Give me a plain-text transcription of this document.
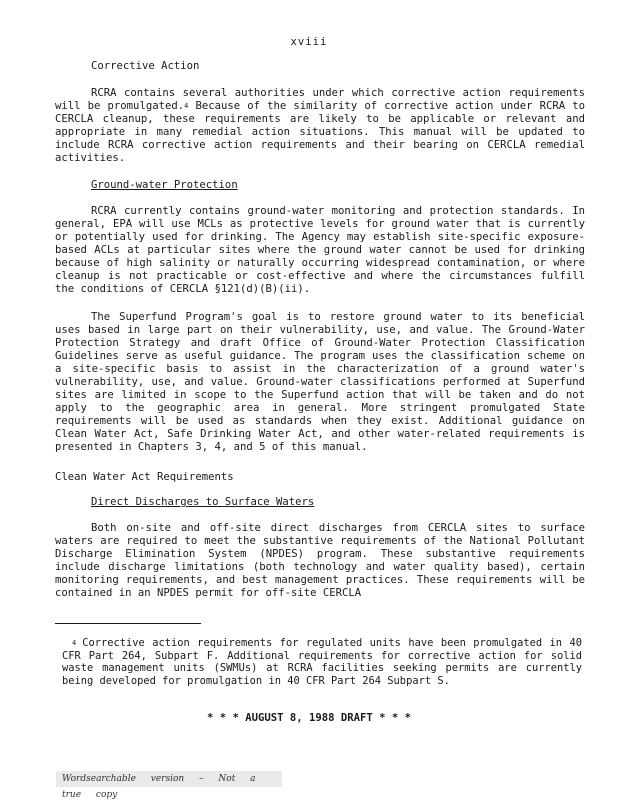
xviii
Corrective Action
RCRA contains several authorities under which corrective action requirements will be promulgated.$^4$ Because of the similarity of corrective action under RCRA to CERCLA cleanup, these requirements are likely to be applicable or relevant and appropriate in many remedial action situations. This manual will be updated to include RCRA corrective action requirements and their bearing on CERCLA remedial activities.
Ground-water Protection
RCRA currently contains ground-water monitoring and protection standards. In general, EPA will use MCLs as protective levels for ground water that is currently or potentially used for drinking. The Agency may establish site-specific exposure-based ACLs at particular sites where the ground water cannot be used for drinking because of high salinity or naturally occurring widespread contamination, or where cleanup is not practicable or cost-effective and where the circumstances fulfill the conditions of CERCLA §121(d)(B)(ii).
The Superfund Program's goal is to restore ground water to its beneficial uses based in large part on their vulnerability, use, and value. The Ground-Water Protection Strategy and draft Office of Ground-Water Protection Classification Guidelines serve as useful guidance. The program uses the classification scheme on a site-specific basis to assist in the characterization of a ground water's vulnerability, use, and value. Ground-water classifications performed at Superfund sites are limited in scope to the Superfund action that will be taken and do not apply to the geographic area in general. More stringent promulgated State requirements will be used as standards when they exist. Additional guidance on Clean Water Act, Safe Drinking Water Act, and other water-related requirements is presented in Chapters 3, 4, and 5 of this manual.
Clean Water Act Requirements
Direct Discharges to Surface Waters
Both on-site and off-site direct discharges from CERCLA sites to surface waters are required to meet the substantive requirements of the National Pollutant Discharge Elimination System (NPDES) program. These substantive requirements include discharge limitations (both technology and water quality based), certain monitoring requirements, and best management practices. These requirements will be contained in an NPDES permit for off-site CERCLA
$^4$ Corrective action requirements for regulated units have been promulgated in 40 CFR Part 264, Subpart F. Additional requirements for corrective action for solid waste management units (SWMUs) at RCRA facilities seeking permits are currently being developed for promulgation in 40 CFR Part 264 Subpart S.
* * * AUGUST 8, 1988 DRAFT * * *
Wordsearchable version – Not a true copy
